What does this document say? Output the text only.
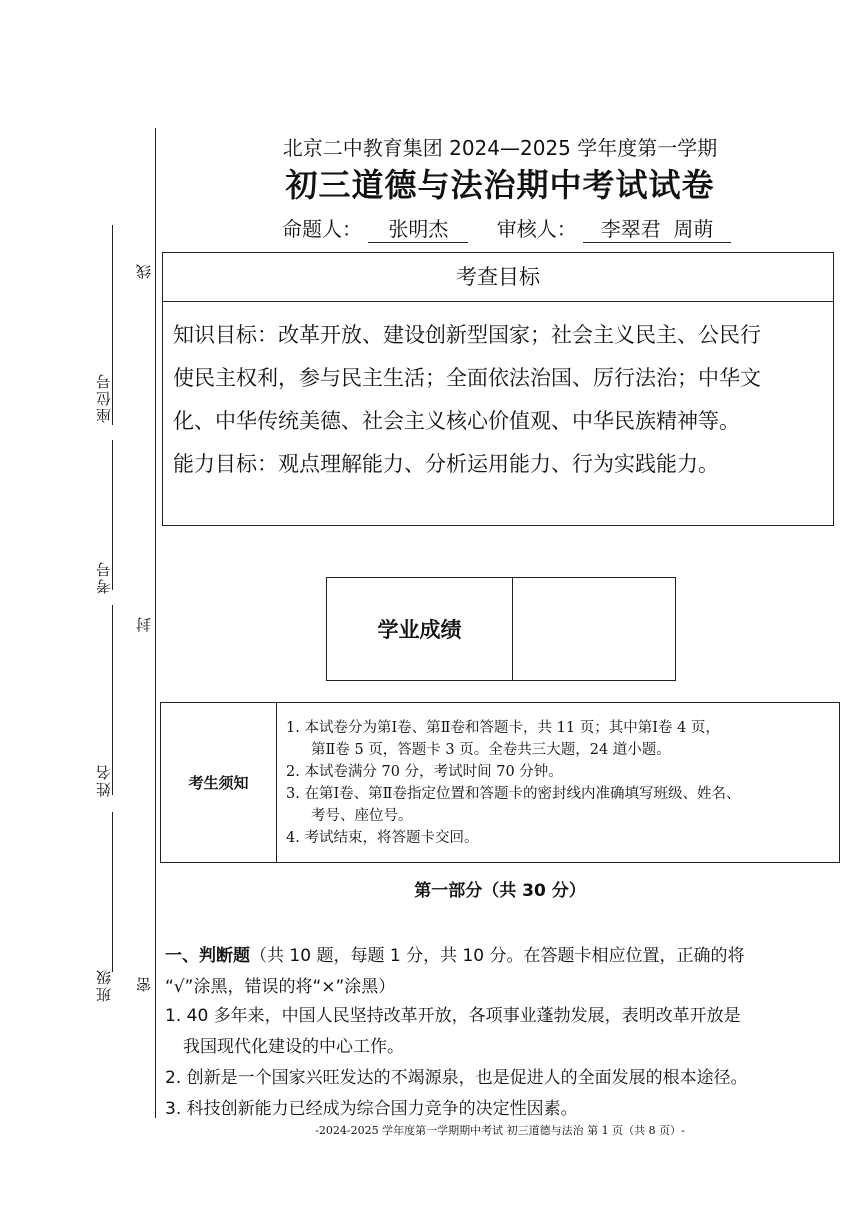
座位号
考号
姓名
班级
线
封
密
北京二中教育集团 2024—2025 学年度第一学期
初三道德与法治期中考试试卷
命题人： 张明杰 审核人： 李翠君  周萌
考查目标

知识目标：改革开放、建设创新型国家；社会主义民主、公民行

使民主权利，参与民主生活；全面依法治国、厉行法治；中华文

化、中华传统美德、社会主义核心价值观、中华民族精神等。

能力目标：观点理解能力、分析运用能力、行为实践能力。

学业成绩
考生须知
1. 本试卷分为第Ⅰ卷、第Ⅱ卷和答题卡，共 11 页；其中第Ⅰ卷 4 页，
第Ⅱ卷 5 页，答题卡 3 页。全卷共三大题，24 道小题。
2. 本试卷满分 70 分，考试时间 70 分钟。
3. 在第Ⅰ卷、第Ⅱ卷指定位置和答题卡的密封线内准确填写班级、姓名、
考号、座位号。
4. 考试结束，将答题卡交回。
第一部分（共 30 分）
一、判断题（共 10 题，每题 1 分，共 10 分。在答题卡相应位置，正确的将
“√”涂黑，错误的将“×”涂黑）
1. 40 多年来，中国人民坚持改革开放，各项事业蓬勃发展，表明改革开放是
我国现代化建设的中心工作。
2. 创新是一个国家兴旺发达的不竭源泉，也是促进人的全面发展的根本途径。
3. 科技创新能力已经成为综合国力竞争的决定性因素。
-2024-2025 学年度第一学期期中考试 初三道德与法治 第 1 页（共 8 页）-
